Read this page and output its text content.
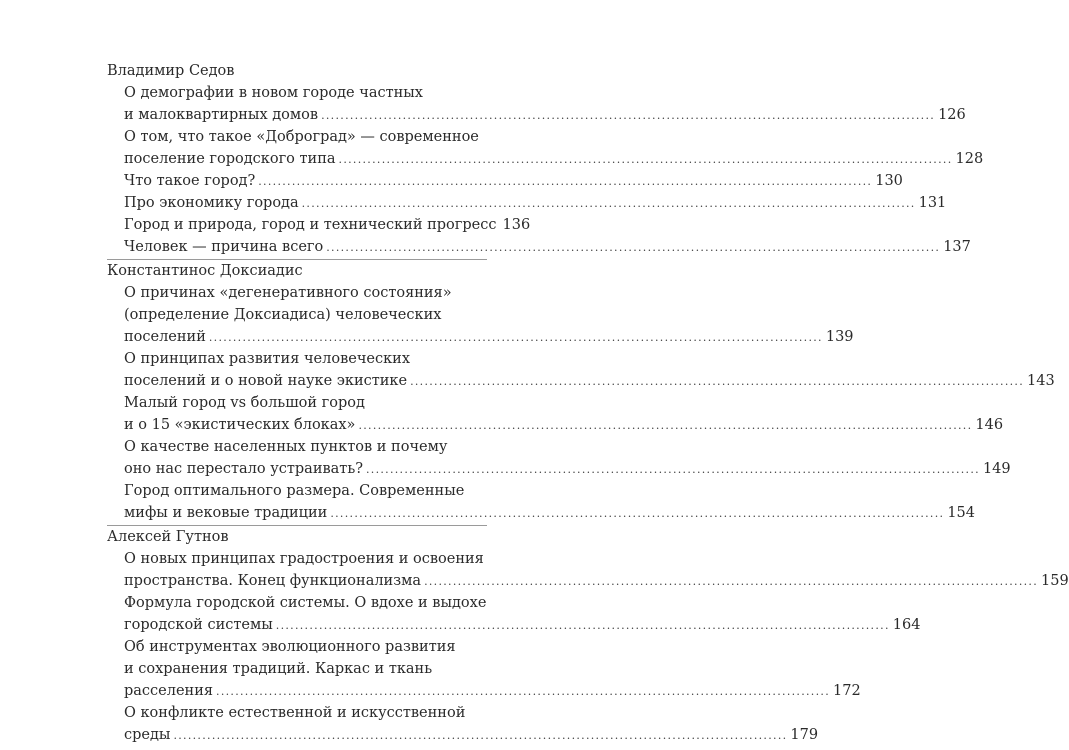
Владимир Седов
О демографии в новом городе частных
и малоквартирных домов ................................................................................................................................ 126
О том, что такое «Доброград» — современное
поселение городского типа ................................................................................................................................ 128
Что такое город? ................................................................................................................................ 130
Про экономику города ................................................................................................................................ 131
Город и природа, город и технический прогресс 136
Человек — причина всего ................................................................................................................................ 137
Константинос Доксиадис
О причинах «дегенеративного состояния»
(определение Доксиадиса) человеческих
поселений ................................................................................................................................ 139
О принципах развития человеческих
поселений и о новой науке экистике ................................................................................................................................ 143
Малый город vs большой город
и о 15 «экистических блоках» ................................................................................................................................ 146
О качестве населенных пунктов и почему
оно нас перестало устраивать? ................................................................................................................................ 149
Город оптимального размера. Современные
мифы и вековые традиции ................................................................................................................................ 154
Алексей Гутнов
О новых принципах градостроения и освоения
пространства. Конец функционализма ................................................................................................................................ 159
Формула городской системы. О вдохе и выдохе
городской системы ................................................................................................................................ 164
Об инструментах эволюционного развития
и сохранения традиций. Каркас и ткань
расселения ................................................................................................................................ 172
О конфликте естественной и искусственной
среды ................................................................................................................................ 179
